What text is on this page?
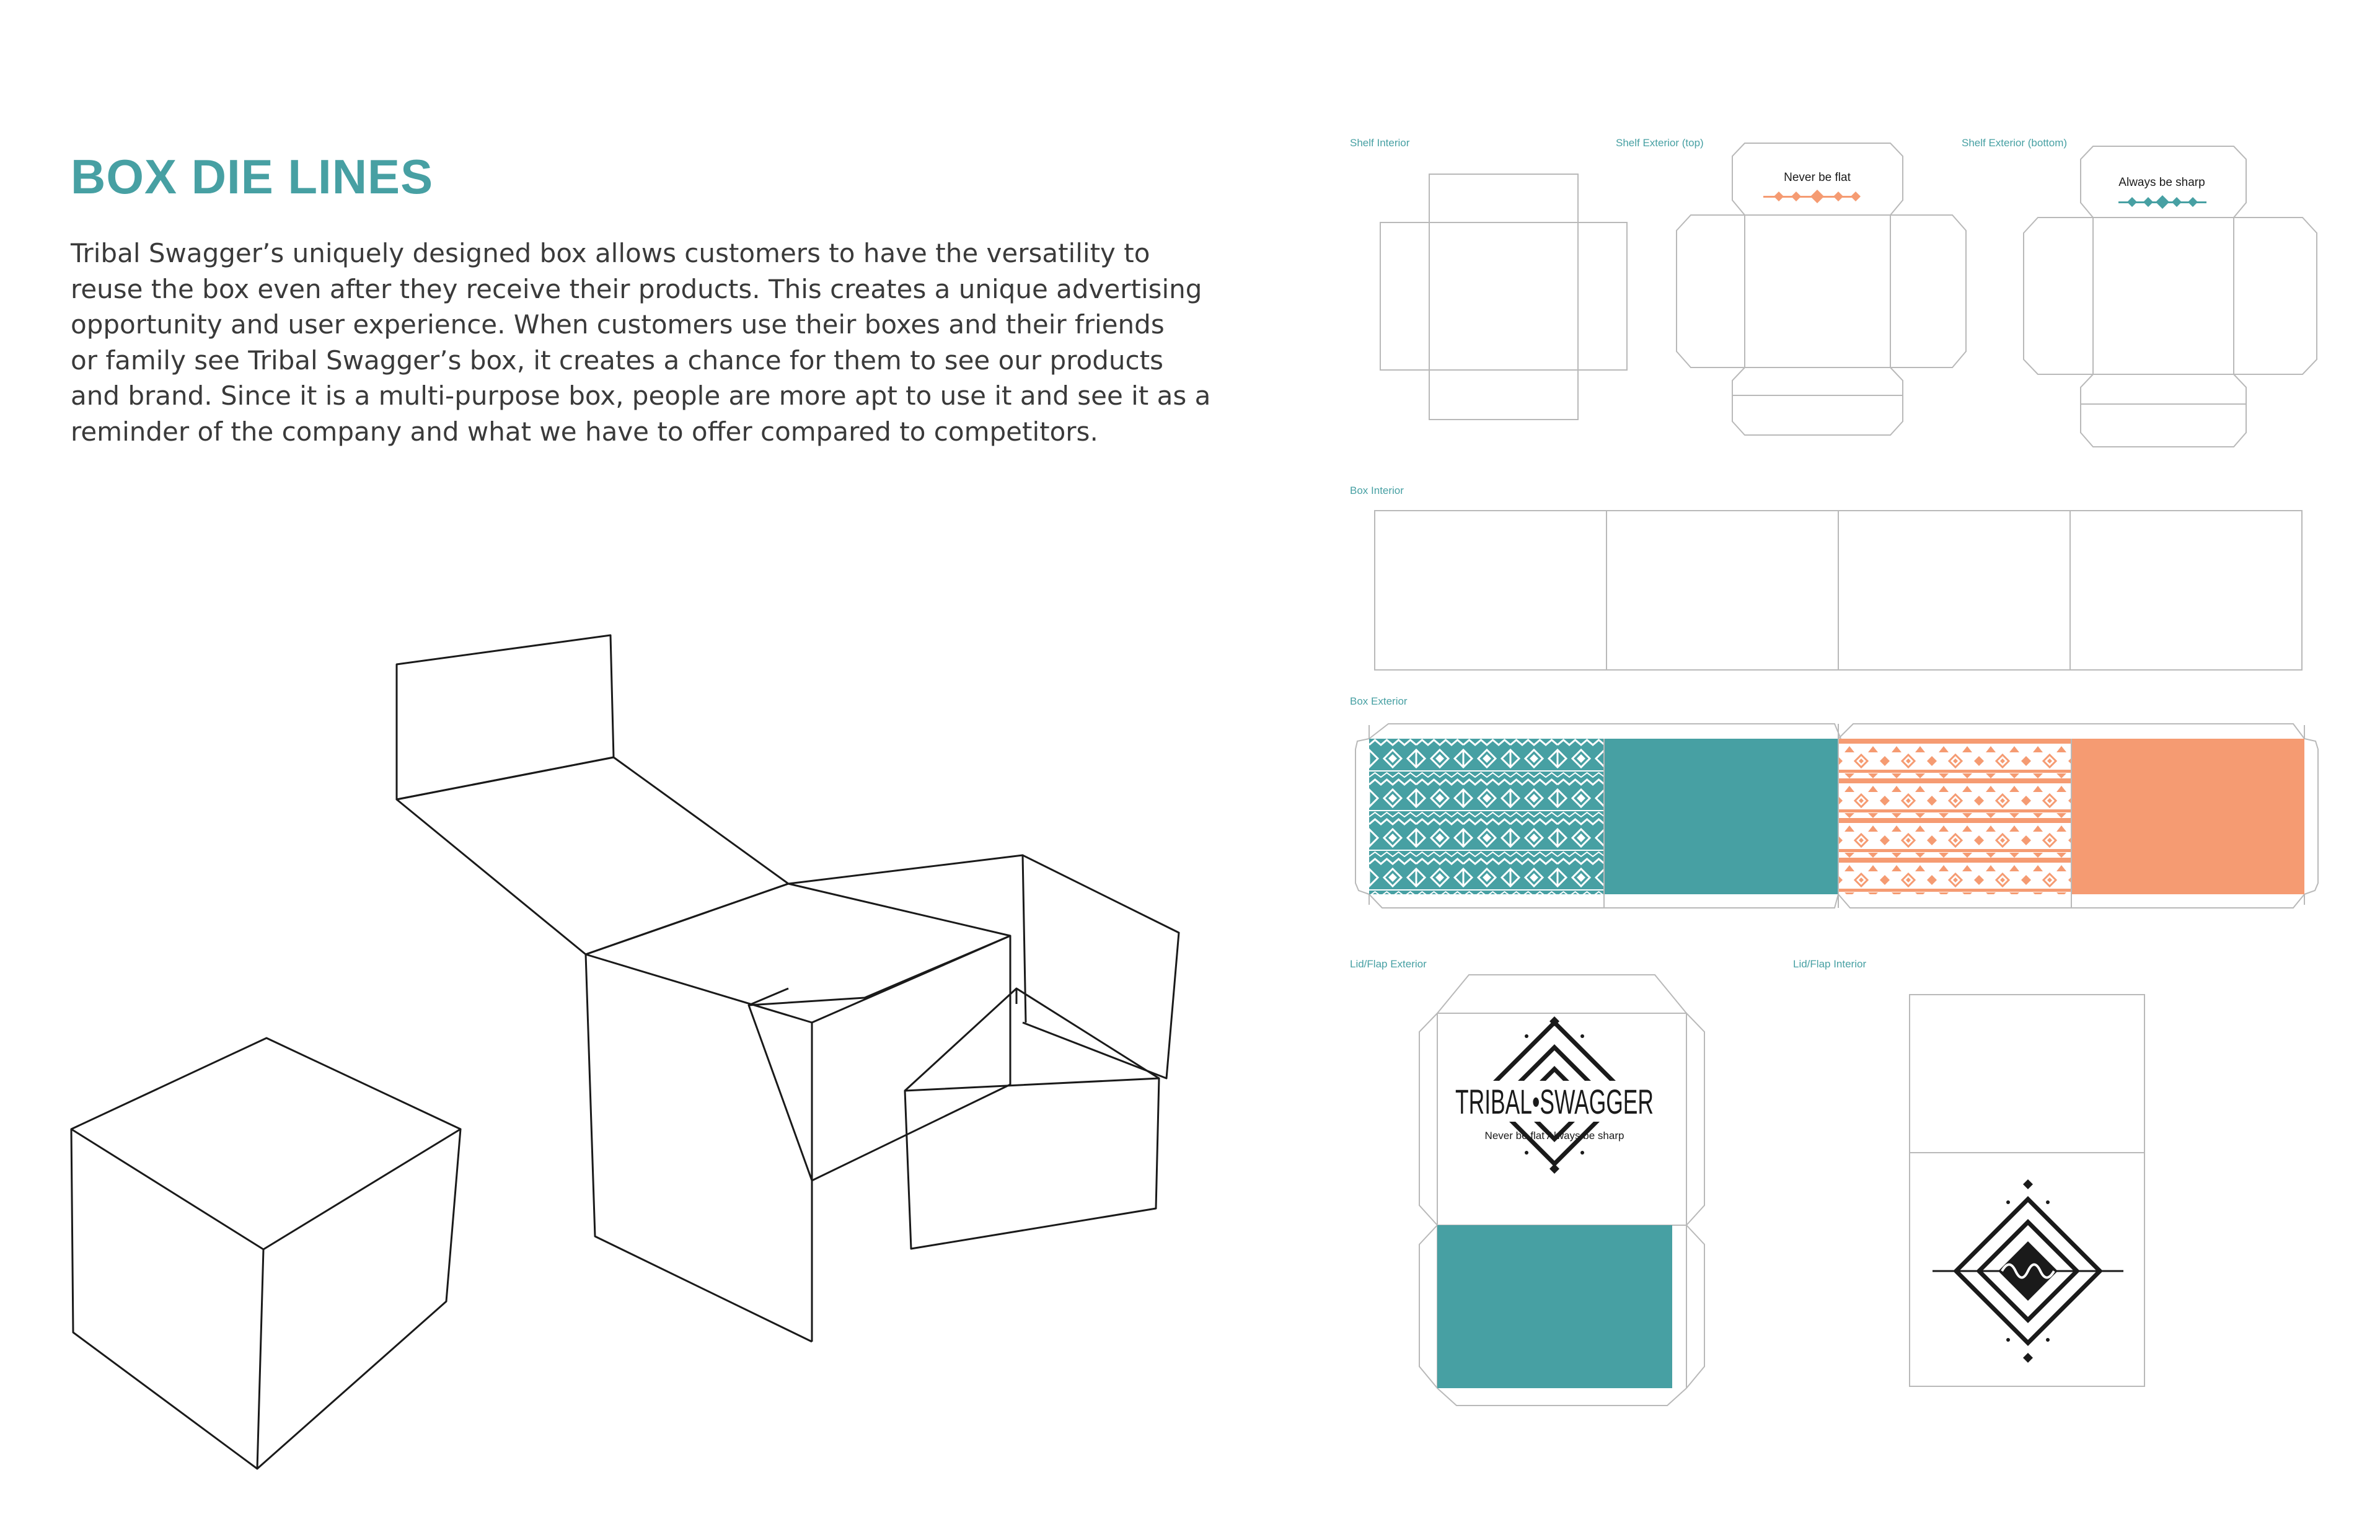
BOX DIE LINES
Tribal Swagger’s uniquely designed box allows customers to have the versatility to
reuse the box even after they receive their products. This creates a unique advertising
opportunity and user experience. When customers use their boxes and their friends
or family see Tribal Swagger’s box, it creates a chance for them to see our products
and brand. Since it is a multi-purpose box, people are more apt to use it and see it as a
reminder of the company and what we have to offer compared to competitors.
Shelf Interior	Shelf Exterior (top)	Shelf Exterior (bottom)
Box Interior
Box Exterior
Lid/Flap Exterior	Lid/Flap Interior
Never be flat	Always be sharp
TRIBAL•SWAGGER
Never be flat Always be sharp
